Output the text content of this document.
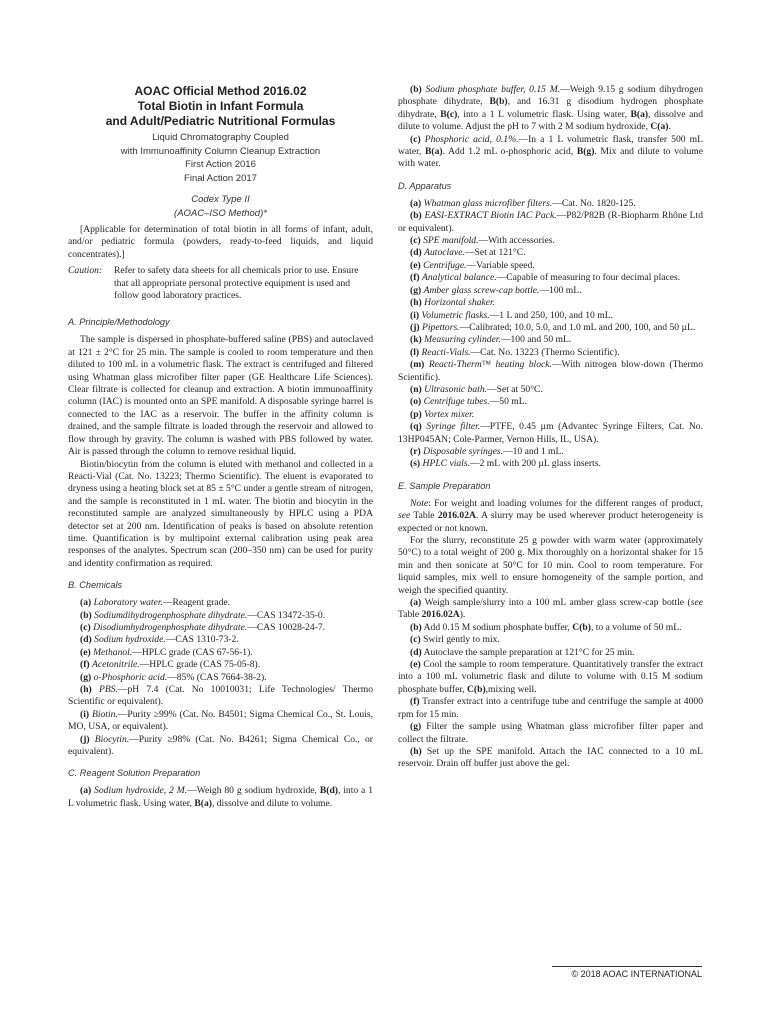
AOAC Official Method 2016.02
Total Biotin in Infant Formula
and Adult/Pediatric Nutritional Formulas
Liquid Chromatography Coupled
with Immunoaffinity Column Cleanup Extraction
First Action 2016
Final Action 2017
Codex Type II
(AOAC–ISO Method)*

[Applicable for determination of total biotin in all forms of infant, adult, and/or pediatric formula (powders, ready-to-feed liquids, and liquid concentrates).]

Caution:	Refer to safety data sheets for all chemicals prior to use. Ensure that all appropriate personal protective equipment is used and follow good laboratory practices.
A. Principle/Methodology

The sample is dispersed in phosphate-buffered saline (PBS) and autoclaved at 121 ± 2°C for 25 min. The sample is cooled to room temperature and then diluted to 100 mL in a volumetric flask. The extract is centrifuged and filtered using Whatman glass microfiber filter paper (GE Healthcare Life Sciences). Clear filtrate is collected for cleanup and extraction. A biotin immunoaffinity column (IAC) is mounted onto an SPE manifold. A disposable syringe barrel is connected to the IAC as a reservoir. The buffer in the affinity column is drained, and the sample filtrate is loaded through the reservoir and allowed to flow through by gravity. The column is washed with PBS followed by water. Air is passed through the column to remove residual liquid.

Biotin/biocytin from the column is eluted with methanol and collected in a Reacti-Vial (Cat. No. 13223; Thermo Scientific). The eluent is evaporated to dryness using a heating block set at 85 ± 5°C under a gentle stream of nitrogen, and the sample is reconstituted in 1 mL water. The biotin and biocytin in the reconstituted sample are analyzed simultaneously by HPLC using a PDA detector set at 200 nm. Identification of peaks is based on absolute retention time. Quantification is by multipoint external calibration using peak area responses of the analytes. Spectrum scan (200–350 nm) can be used for purity and identity confirmation as required.

B. Chemicals

(a) Laboratory water.—Reagent grade.

(b) Sodiumdihydrogenphosphate dihydrate.—CAS 13472-35-0.

(c) Disodiumhydrogenphosphate dihydrate.—CAS 10028-24-7.

(d) Sodium hydroxide.—CAS 1310-73-2.

(e) Methanol.—HPLC grade (CAS 67-56-1).

(f) Acetonitrile.—HPLC grade (CAS 75-05-8).

(g) o-Phosphoric acid.—85% (CAS 7664-38-2).

(h) PBS.—pH 7.4 (Cat. No 10010031; Life Technologies/ Thermo Scientific or equivalent).

(i) Biotin.—Purity ≥99% (Cat. No. B4501; Sigma Chemical Co., St. Louis, MO, USA, or equivalent).

(j) Biocytin.—Purity ≥98% (Cat. No. B4261; Sigma Chemical Co., or equivalent).

C. Reagent Solution Preparation

(a) Sodium hydroxide, 2 M.—Weigh 80 g sodium hydroxide, B(d), into a 1 L volumetric flask. Using water, B(a), dissolve and dilute to volume.

(b) Sodium phosphate buffer, 0.15 M.—Weigh 9.15 g sodium dihydrogen phosphate dihydrate, B(b), and 16.31 g disodium hydrogen phosphate dihydrate, B(c), into a 1 L volumetric flask. Using water, B(a), dissolve and dilute to volume. Adjust the pH to 7 with 2 M sodium hydroxide, C(a).

(c) Phosphoric acid, 0.1%.—In a 1 L volumetric flask, transfer 500 mL water, B(a). Add 1.2 mL o-phosphoric acid, B(g). Mix and dilute to volume with water.

D. Apparatus

(a) Whatman glass microfiber filters.—Cat. No. 1820-125.

(b) EASI-EXTRACT Biotin IAC Pack.—P82/P82B (R-Biopharm Rhône Ltd or equivalent).

(c) SPE manifold.—With accessories.

(d) Autoclave.—Set at 121°C.

(e) Centrifuge.—Variable speed.

(f) Analytical balance.—Capable of measuring to four decimal places.

(g) Amber glass screw-cap bottle.—100 mL.

(h) Horizontal shaker.

(i) Volumetric flasks.—1 L and 250, 100, and 10 mL.

(j) Pipettors.—Calibrated; 10.0, 5.0, and 1.0 mL and 200, 100, and 50 µL.

(k) Measuring cylinder.—100 and 50 mL.

(l) Reacti-Vials.—Cat. No. 13223 (Thermo Scientific).

(m) Reacti-Therm™ heating block.—With nitrogen blow-down (Thermo Scientific).

(n) Ultrasonic bath.—Set at 50°C.

(o) Centrifuge tubes.—50 mL.

(p) Vortex mixer.

(q) Syringe filter.—PTFE, 0.45 µm (Advantec Syringe Filters, Cat. No. 13HP045AN; Cole-Parmer, Vernon Hills, IL, USA).

(r) Disposable syringes.—10 and 1 mL.

(s) HPLC vials.—2 mL with 200 µL glass inserts.

E. Sample Preparation

Note: For weight and loading volumes for the different ranges of product, see Table 2016.02A. A slurry may be used wherever product heterogeneity is expected or not known.

For the slurry, reconstitute 25 g powder with warm water (approximately 50°C) to a total weight of 200 g. Mix thoroughly on a horizontal shaker for 15 min and then sonicate at 50°C for 10 min. Cool to room temperature. For liquid samples, mix well to ensure homogeneity of the sample portion, and weigh the specified quantity.

(a) Weigh sample/slurry into a 100 mL amber glass screw-cap bottle (see Table 2016.02A).

(b) Add 0.15 M sodium phosphate buffer, C(b), to a volume of 50 mL.

(c) Swirl gently to mix.

(d) Autoclave the sample preparation at 121°C for 25 min.

(e) Cool the sample to room temperature. Quantitatively transfer the extract into a 100 mL volumetric flask and dilute to volume with 0.15 M sodium phosphate buffer, C(b),mixing well.

(f) Transfer extract into a centrifuge tube and centrifuge the sample at 4000 rpm for 15 min.

(g) Filter the sample using Whatman glass microfiber filter paper and collect the filtrate.

(h) Set up the SPE manifold. Attach the IAC connected to a 10 mL reservoir. Drain off buffer just above the gel.

© 2018 AOAC INTERNATIONAL
